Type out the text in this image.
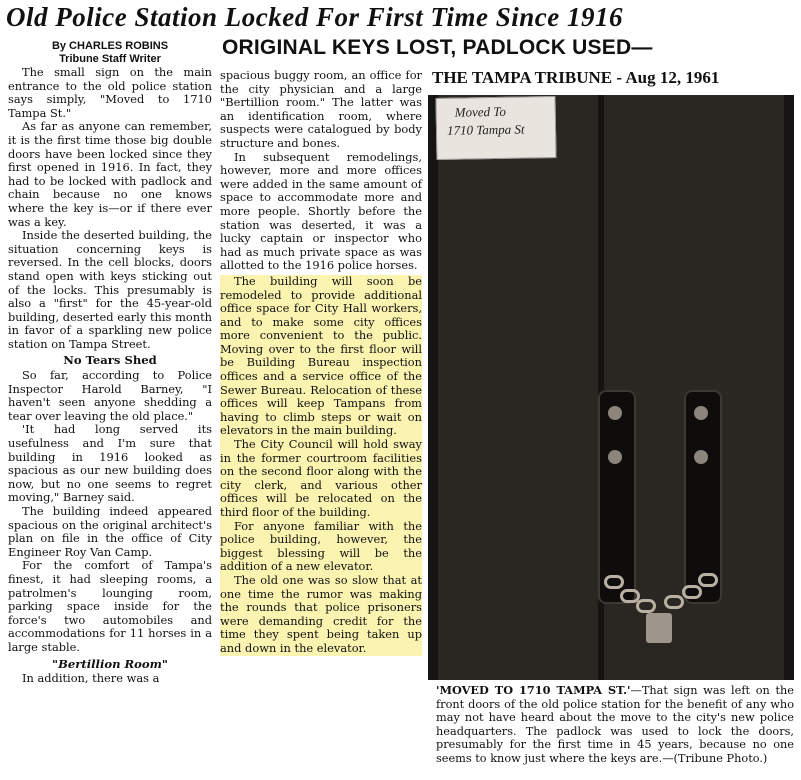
Old Police Station Locked For First Time Since 1916
ORIGINAL KEYS LOST, PADLOCK USED—
THE TAMPA TRIBUNE - Aug 12, 1961
By CHARLES ROBINS
Tribune Staff Writer

The small sign on the main entrance to the old police station says simply, "Moved to 1710 Tampa St."

As far as anyone can remember, it is the first time those big double doors have been locked since they first opened in 1916. In fact, they had to be locked with padlock and chain because no one knows where the key is—or if there ever was a key.

Inside the deserted building, the situation concerning keys is reversed. In the cell blocks, doors stand open with keys sticking out of the locks. This presumably is also a "first" for the 45-year-old building, deserted early this month in favor of a sparkling new police station on Tampa Street.

No Tears Shed

So far, according to Police Inspector Harold Barney, "I haven't seen anyone shedding a tear over leaving the old place."

'It had long served its usefulness and I'm sure that building in 1916 looked as spacious as our new building does now, but no one seems to regret moving," Barney said.

The building indeed appeared spacious on the original architect's plan on file in the office of City Engineer Roy Van Camp.

For the comfort of Tampa's finest, it had sleeping rooms, a patrolmen's lounging room, parking space inside for the force's two automobiles and accommodations for 11 horses in a large stable.

"Bertillion Room"

In addition, there was a

spacious buggy room, an office for the city physician and a large "Bertillion room." The latter was an identification room, where suspects were catalogued by body structure and bones.

In subsequent remodelings, however, more and more offices were added in the same amount of space to accommodate more and more people. Shortly before the station was deserted, it was a lucky captain or inspector who had as much private space as was allotted to the 1916 police horses.

The building will soon be remodeled to provide additional office space for City Hall workers, and to make some city offices more convenient to the public. Moving over to the first floor will be Building Bureau inspection offices and a service office of the Sewer Bureau. Relocation of these offices will keep Tampans from having to climb steps or wait on elevators in the main building.

The City Council will hold sway in the former courtroom facilities on the second floor along with the city clerk, and various other offices will be relocated on the third floor of the building.

For anyone familiar with the police building, however, the biggest blessing will be the addition of a new elevator.

The old one was so slow that at one time the rumor was making the rounds that police prisoners were demanding credit for the time they spent being taken up and down in the elevator.

Moved To
1710 Tampa St
'MOVED TO 1710 TAMPA ST.'—That sign was left on the front doors of the old police station for the benefit of any who may not have heard about the move to the city's new police headquarters. The padlock was used to lock the doors, presumably for the first time in 45 years, because no one seems to know just where the keys are.—(Tribune Photo.)
